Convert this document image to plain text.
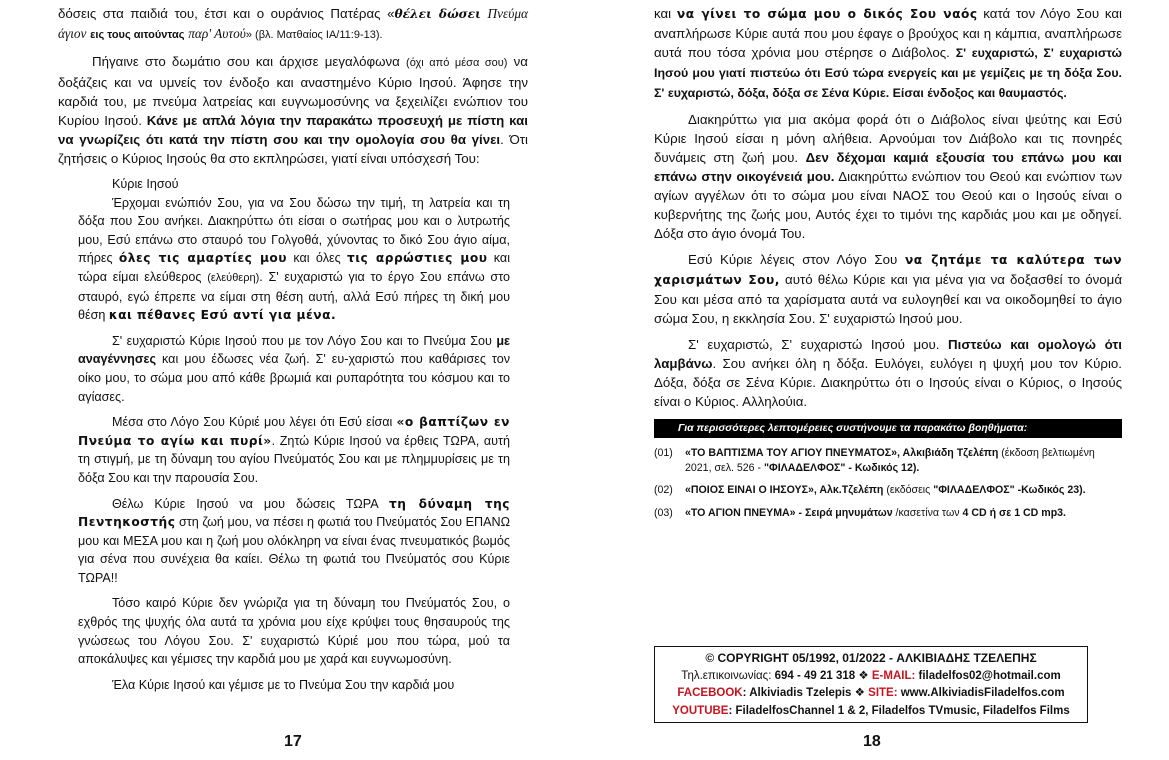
δόσεις στα παιδιά του, έτσι και ο ουράνιος Πατέρας «θέλει δώσει Πνεύμα άγιον εις τους αιτούντας παρ' Αυτού» (βλ. Ματθαίος ΙΑ/11:9-13).

Πήγαινε στο δωμάτιο σου και άρχισε μεγαλόφωνα (όχι από μέσα σου) να δοξάζεις και να υμνείς τον ένδοξο και αναστημένο Κύριο Ιησού. Άφησε την καρδιά του, με πνεύμα λατρείας και ευγνωμοσύνης να ξεχειλίζει ενώπιον του Κυρίου Ιησού. Κάνε με απλά λόγια την παρακάτω προσευχή με πίστη και να γνωρίζεις ότι κατά την πίστη σου και την ομολογία σου θα γίνει. Ότι ζητήσεις ο Κύριος Ιησούς θα στο εκπληρώσει, γιατί είναι υπόσχεσή Του:

Κύριε Ιησού

Έρχομαι ενώπιόν Σου, για να Σου δώσω την τιμή, τη λατρεία και τη δόξα που Σου ανήκει. Διακηρύττω ότι είσαι ο σωτήρας μου και ο λυτρωτής μου, Εσύ επάνω στο σταυρό του Γολγοθά, χύνοντας το δικό Σου άγιο αίμα, πήρες όλες τις αμαρτίες μου και όλες τις αρρώστιες μου και τώρα είμαι ελεύθερος (ελεύθερη). Σ' ευχαριστώ για το έργο Σου επάνω στο σταυρό, εγώ έπρεπε να είμαι στη θέση αυτή, αλλά Εσύ πήρες τη δική μου θέση και πέθανες Εσύ αντί για μένα.

Σ' ευχαριστώ Κύριε Ιησού που με τον Λόγο Σου και το Πνεύμα Σου με αναγέννησες και μου έδωσες νέα ζωή. Σ' ευ-χαριστώ που καθάρισες τον οίκο μου, το σώμα μου από κάθε βρωμιά και ρυπαρότητα του κόσμου και το αγίασες.

Μέσα στο Λόγο Σου Κύριέ μου λέγει ότι Εσύ είσαι «ο βαπτίζων εν Πνεύμα το αγίω και πυρί». Ζητώ Κύριε Ιησού να έρθεις ΤΩΡΑ, αυτή τη στιγμή, με τη δύναμη του αγίου Πνεύματός Σου και με πλημμυρίσεις με τη δόξα Σου και την παρουσία Σου.

Θέλω Κύριε Ιησού να μου δώσεις ΤΩΡΑ τη δύναμη της Πεντηκοστής στη ζωή μου, να πέσει η φωτιά του Πνεύματός Σου ΕΠΑΝΩ μου και ΜΕΣΑ μου και η ζωή μου ολόκληρη να είναι ένας πνευματικός βωμός για σένα που συνέχεια θα καίει. Θέλω τη φωτιά του Πνεύματός σου Κύριε ΤΩΡΑ!!

Τόσο καιρό Κύριε δεν γνώριζα για τη δύναμη του Πνεύματός Σου, ο εχθρός της ψυχής όλα αυτά τα χρόνια μου είχε κρύψει τους θησαυρούς της γνώσεως του Λόγου Σου. Σ' ευχαριστώ Κύριέ μου που τώρα, μού τα αποκάλυψες και γέμισες την καρδιά μου με χαρά και ευγνωμοσύνη.

Έλα Κύριε Ιησού και γέμισε με το Πνεύμα Σου την καρδιά μου

17

και να γίνει το σώμα μου ο δικός Σου ναός κατά τον Λόγο Σου και αναπλήρωσε Κύριε αυτά που μου έφαγε ο βρούχος και η κάμπια, αναπλήρωσε αυτά που τόσα χρόνια μου στέρησε ο Διάβολος. Σ' ευχαριστώ, Σ' ευχαριστώ Ιησού μου γιατί πιστεύω ότι Εσύ τώρα ενεργείς και με γεμίζεις με τη δόξα Σου. Σ' ευχαριστώ, δόξα, δόξα σε Σένα Κύριε. Είσαι ένδοξος και θαυμαστός.

Διακηρύττω για μια ακόμα φορά ότι ο Διάβολος είναι ψεύτης και Εσύ Κύριε Ιησού είσαι η μόνη αλήθεια. Αρνούμαι τον Διάβολο και τις πονηρές δυνάμεις στη ζωή μου. Δεν δέχομαι καμιά εξουσία του επάνω μου και επάνω στην οικογένειά μου. Διακηρύττω ενώπιον του Θεού και ενώπιον των αγίων αγγέλων ότι το σώμα μου είναι ΝΑΟΣ του Θεού και ο Ιησούς είναι ο κυβερνήτης της ζωής μου, Αυτός έχει το τιμόνι της καρδιάς μου και με οδηγεί. Δόξα στο άγιο όνομά Του.

Εσύ Κύριε λέγεις στον Λόγο Σου να ζητάμε τα καλύτερα των χαρισμάτων Σου, αυτό θέλω Κύριε και για μένα για να δοξασθεί το όνομά Σου και μέσα από τα χαρίσματα αυτά να ευλογηθεί και να οικοδομηθεί το άγιο σώμα Σου, η εκκλησία Σου. Σ' ευχαριστώ Ιησού μου.

Σ' ευχαριστώ, Σ' ευχαριστώ Ιησού μου. Πιστεύω και ομολογώ ότι λαμβάνω. Σου ανήκει όλη η δόξα. Ευλόγει, ευλόγει η ψυχή μου τον Κύριο. Δόξα, δόξα σε Σένα Κύριε. Διακηρύττω ότι ο Ιησούς είναι ο Κύριος, ο Ιησούς είναι ο Κύριος. Αλληλούια.

Για περισσότερες λεπτομέρειες συστήνουμε τα παρακάτω βοηθήματα:
(01)	«ΤΟ ΒΑΠΤΙΣΜΑ ΤΟΥ ΑΓΙΟΥ ΠΝΕΥΜΑΤΟΣ», Αλκιβιάδη Τζελέπη (έκδοση βελτιωμένη 2021, σελ. 526 - "ΦΙΛΑΔΕΛΦΟΣ" - Κωδικός 12).
(02)	«ΠΟΙΟΣ ΕΙΝΑΙ Ο ΙΗΣΟΥΣ», Αλκ.Τζελέπη (εκδόσεις "ΦΙΛΑΔΕΛΦΟΣ" -Κωδικός 23).
(03)	«ΤΟ ΑΓΙΟΝ ΠΝΕΥΜΑ» - Σειρά μηνυμάτων /κασετίνα των 4 CD ή σε 1 CD mp3.
© COPYRIGHT 05/1992, 01/2022 - ΑΛΚΙΒΙΑΔΗΣ ΤΖΕΛΕΠΗΣ
Τηλ.επικοινωνίας: 694 - 49 21 318 ❖ E-MAIL: filadelfos02@hotmail.com
FACEBOOK: Alkiviadis Tzelepis ❖ SITE: www.AlkiviadisFiladelfos.com
YOUTUBE: FiladelfosChannel 1 & 2, Filadelfos TVmusic, Filadelfos Films
18
